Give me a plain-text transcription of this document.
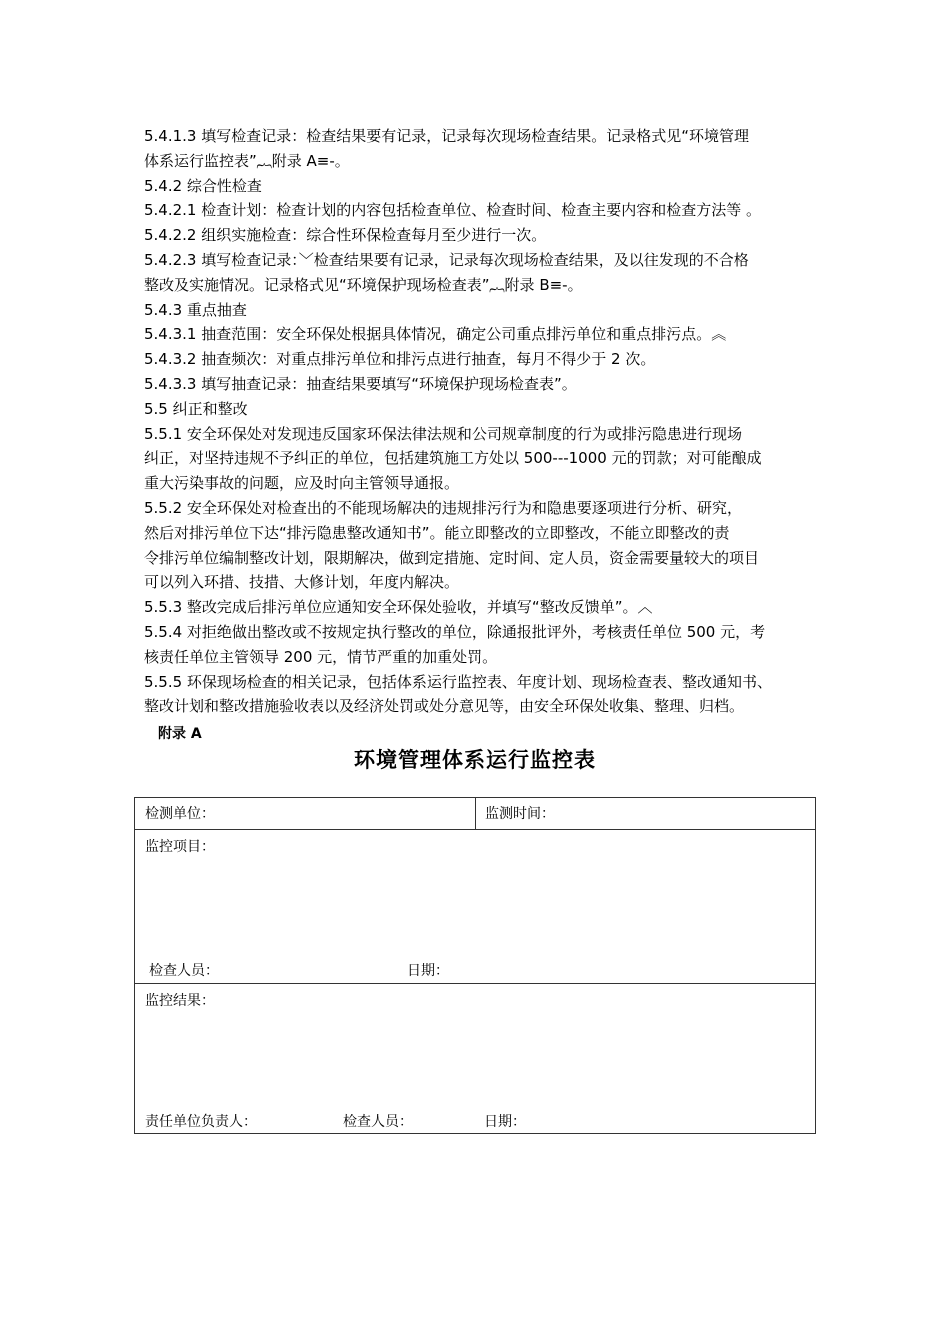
5.4.1.3 填写检查记录：检查结果要有记录，记录每次现场检查结果。记录格式见“环境管理
体系运行监控表”︷附录 A≡-。
5.4.2 综合性检查
5.4.2.1 检查计划：检查计划的内容包括检查单位、检查时间、检查主要内容和检查方法等 。
5.4.2.2 组织实施检查：综合性环保检查每月至少进行一次。
5.4.2.3 填写检查记录：﹀检查结果要有记录，记录每次现场检查结果，及以往发现的不合格
整改及实施情况。记录格式见“环境保护现场检查表”︷附录 B≡-。
5.4.3 重点抽查
5.4.3.1 抽查范围：安全环保处根据具体情况，确定公司重点排污单位和重点排污点。︽
5.4.3.2 抽查频次：对重点排污单位和排污点进行抽查，每月不得少于 2 次。
5.4.3.3 填写抽查记录：抽查结果要填写“环境保护现场检查表”。
5.5 纠正和整改
5.5.1 安全环保处对发现违反国家环保法律法规和公司规章制度的行为或排污隐患进行现场
纠正，对坚持违规不予纠正的单位，包括建筑施工方处以 500---1000 元的罚款；对可能酿成
重大污染事故的问题，应及时向主管领导通报。
5.5.2 安全环保处对检查出的不能现场解决的违规排污行为和隐患要逐项进行分析、研究，
然后对排污单位下达“排污隐患整改通知书”。能立即整改的立即整改，不能立即整改的责
令排污单位编制整改计划，限期解决，做到定措施、定时间、定人员，资金需要量较大的项目
可以列入环措、技措、大修计划，年度内解决。
5.5.3 整改完成后排污单位应通知安全环保处验收，并填写“整改反馈单”。︿
5.5.4 对拒绝做出整改或不按规定执行整改的单位，除通报批评外，考核责任单位 500 元，考
核责任单位主管领导 200 元，情节严重的加重处罚。
5.5.5 环保现场检查的相关记录，包括体系运行监控表、年度计划、现场检查表、整改通知书、
整改计划和整改措施验收表以及经济处罚或处分意见等，由安全环保处收集、整理、归档。
附录 A
环境管理体系运行监控表
检测单位：	监测时间：

监控项目：
检查人员：	日期：

监控结果：
责任单位负责人：	检查人员：	日期：
